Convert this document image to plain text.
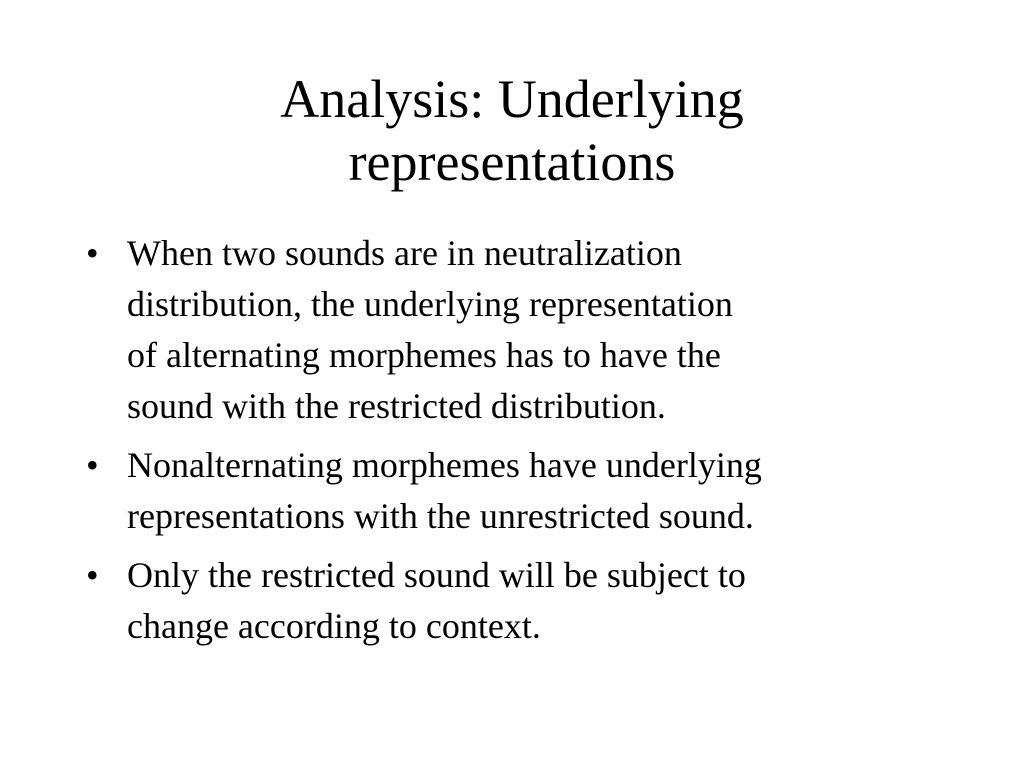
Analysis: Underlying
representations
• When two sounds are in neutralization
distribution, the underlying representation
of alternating morphemes has to have the
sound with the restricted distribution.
• Nonalternating morphemes have underlying
representations with the unrestricted sound.
• Only the restricted sound will be subject to
change according to context.
